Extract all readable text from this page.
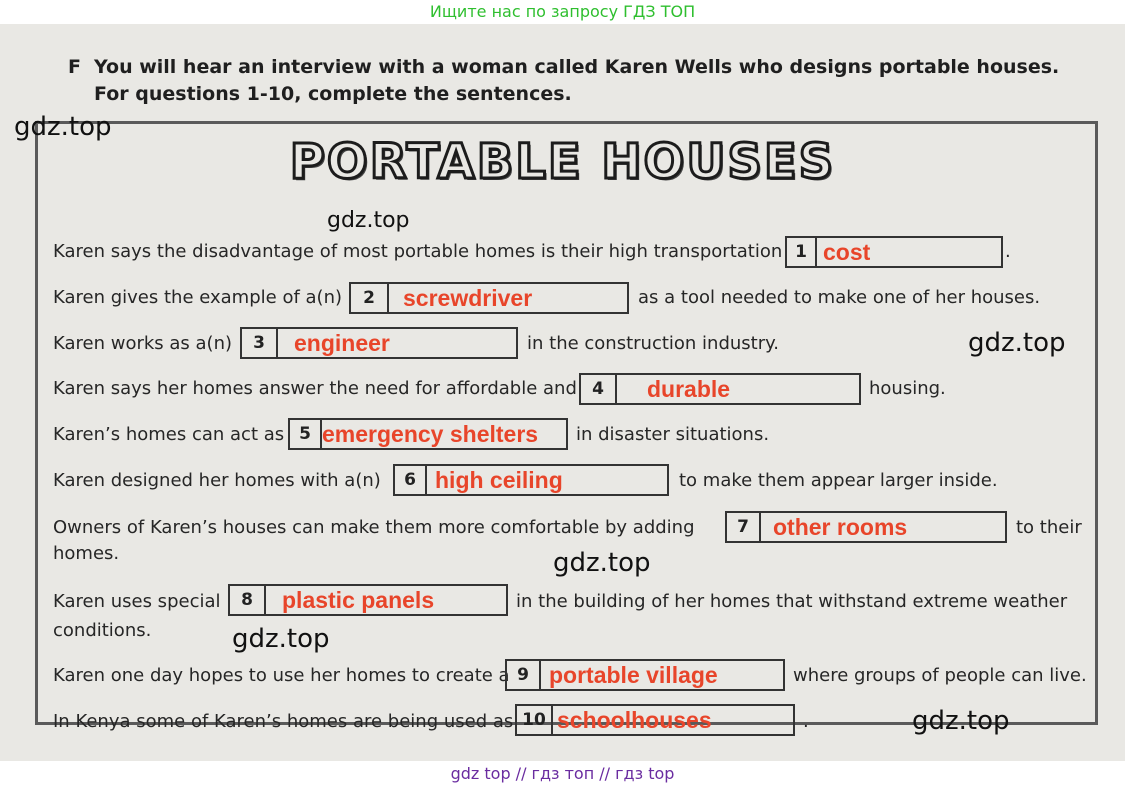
Ищите нас по запросу ГДЗ ТОП
F You will hear an interview with a woman called Karen Wells who designs portable houses. For questions 1-10, complete the sentences.
PORTABLE HOUSES
Karen says the disadvantage of most portable homes is their high transportation 1 cost	.
Karen gives the example of a(n)	2	screwdriver	as a tool needed to make one of her houses.
Karen works as a(n)	3	engineer	in the construction industry.
Karen says her homes answer the need for affordable and 4	durable	housing.
Karen’s homes can act as 5 emergency shelters in disaster situations.
Karen designed her homes with a(n)	6 high ceiling	to make them appear larger inside.
Owners of Karen’s houses can make them more comfortable by adding	7	other rooms	to their
homes.
Karen uses special	8	plastic panels	in the building of her homes that withstand extreme weather
conditions.
Karen one day hopes to use her homes to create a 9 portable village	where groups of people can live.
In Kenya some of Karen’s homes are being used as 10 schoolhouses	.
gdz.top
gdz.top
gdz.top
gdz.top
gdz.top
gdz.top
gdz top // гдз топ // гдз top
